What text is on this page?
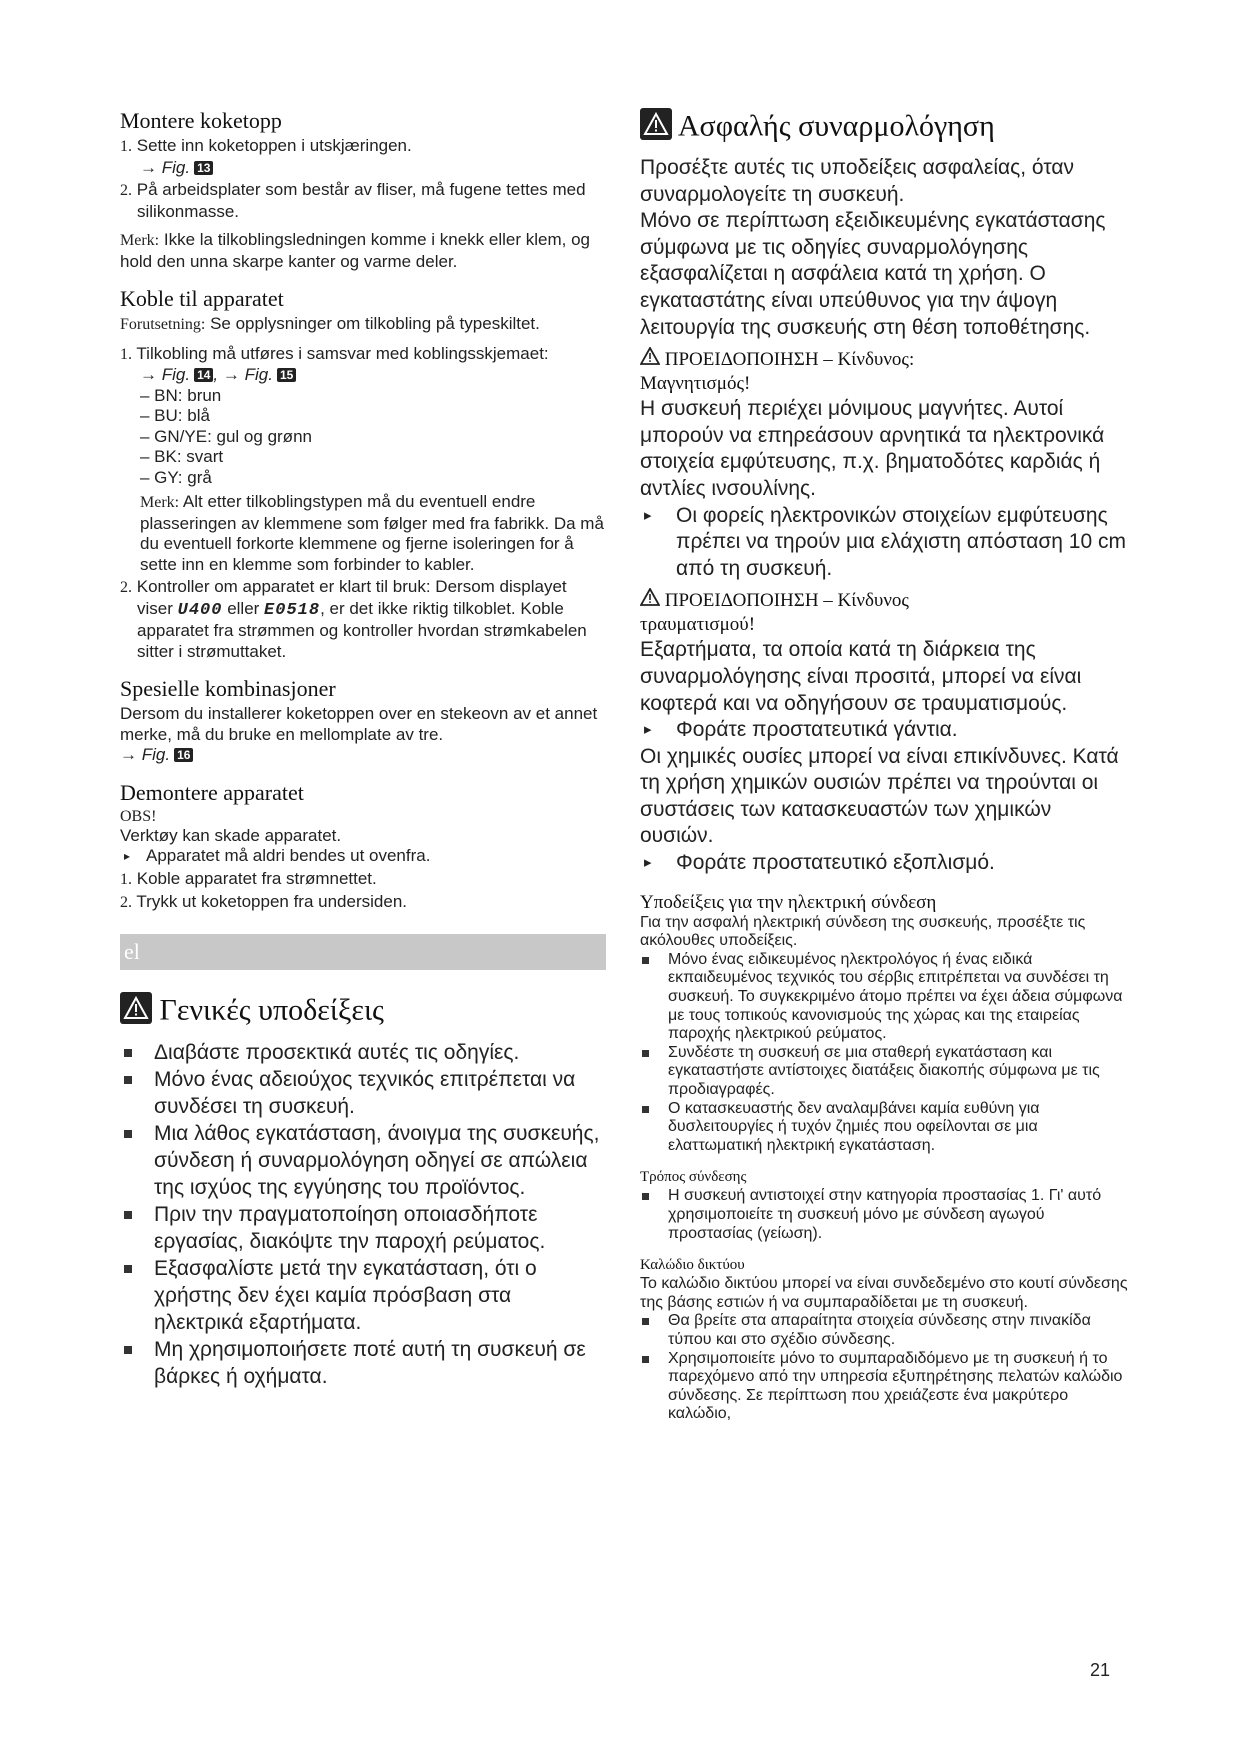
Montere koketopp
1. Sette inn koketoppen i utskjæringen.
→ Fig. 13
2. På arbeidsplater som består av fliser, må fugene tettes med silikonmasse.

Merk: Ikke la tilkoblingsledningen komme i knekk eller klem, og hold den unna skarpe kanter og varme deler.

Koble til apparatet

Forutsetning: Se opplysninger om tilkobling på typeskiltet.

1. Tilkobling må utføres i samsvar med koblingsskjemaet:
→ Fig. 14 , → Fig. 15
– BN: brun
– BU: blå
– GN/YE: gul og grønn
– BK: svart
– GY: grå

Merk: Alt etter tilkoblingstypen må du eventuell endre plasseringen av klemmene som følger med fra fabrikk. Da må du eventuell forkorte klemmene og fjerne isoleringen for å sette inn en klemme som forbinder to kabler.

2. Kontroller om apparatet er klart til bruk: Dersom displayet viser U400 eller E0518, er det ikke riktig tilkoblet. Koble apparatet fra strømmen og kontroller hvordan strømkabelen sitter i strømuttaket.
Spesielle kombinasjoner

Dersom du installerer koketoppen over en stekeovn av et annet merke, må du bruke en mellomplate av tre.

→ Fig. 16
Demontere apparatet
OBS!

Verktøy kan skade apparatet.

▸ Apparatet må aldri bendes ut ovenfra.
1. Koble apparatet fra strømnettet.
2. Trykk ut koketoppen fra undersiden.
el
Γενικές υποδείξεις
Διαβάστε προσεκτικά αυτές τις οδηγίες.
Μόνο ένας αδειούχος τεχνικός επιτρέπεται να συνδέσει τη συσκευή.
Μια λάθος εγκατάσταση, άνοιγμα της συσκευής, σύνδεση ή συναρμολόγηση οδηγεί σε απώλεια της ισχύος της εγγύησης του προϊόντος.
Πριν την πραγματοποίηση οποιασδήποτε εργασίας, διακόψτε την παροχή ρεύματος.
Εξασφαλίστε μετά την εγκατάσταση, ότι ο χρήστης δεν έχει καμία πρόσβαση στα ηλεκτρικά εξαρτήματα.
Μη χρησιμοποιήσετε ποτέ αυτή τη συσκευή σε βάρκες ή οχήματα.
Ασφαλής συναρμολόγηση

Προσέξτε αυτές τις υποδείξεις ασφαλείας, όταν συναρμολογείτε τη συσκευή.

Μόνο σε περίπτωση εξειδικευμένης εγκατάστασης σύμφωνα με τις οδηγίες συναρμολόγησης εξασφαλίζεται η ασφάλεια κατά τη χρήση. Ο εγκαταστάτης είναι υπεύθυνος για την άψογη λειτουργία της συσκευής στη θέση τοποθέτησης.

ΠΡΟΕΙΔΟΠΟΙΗΣΗ – Κίνδυνος:
Μαγνητισμός!

Η συσκευή περιέχει μόνιμους μαγνήτες. Αυτοί μπορούν να επηρεάσουν αρνητικά τα ηλεκτρονικά στοιχεία εμφύτευσης, π.χ. βηματοδότες καρδιάς ή αντλίες ινσουλίνης.

▸ Οι φορείς ηλεκτρονικών στοιχείων εμφύτευσης πρέπει να τηρούν μια ελάχιστη απόσταση 10 cm από τη συσκευή.
ΠΡΟΕΙΔΟΠΟΙΗΣΗ – Κίνδυνος
τραυματισμού!

Εξαρτήματα, τα οποία κατά τη διάρκεια της συναρμολόγησης είναι προσιτά, μπορεί να είναι κοφτερά και να οδηγήσουν σε τραυματισμούς.

▸ Φοράτε προστατευτικά γάντια.

Οι χημικές ουσίες μπορεί να είναι επικίνδυνες. Κατά τη χρήση χημικών ουσιών πρέπει να τηρούνται οι συστάσεις των κατασκευαστών των χημικών ουσιών.

▸ Φοράτε προστατευτικό εξοπλισμό.
Υποδείξεις για την ηλεκτρική σύνδεση

Για την ασφαλή ηλεκτρική σύνδεση της συσκευής, προσέξτε τις ακόλουθες υποδείξεις.

Μόνο ένας ειδικευμένος ηλεκτρολόγος ή ένας ειδικά εκπαιδευμένος τεχνικός του σέρβις επιτρέπεται να συνδέσει τη συσκευή. Το συγκεκριμένο άτομο πρέπει να έχει άδεια σύμφωνα με τους τοπικούς κανονισμούς της χώρας και της εταιρείας παροχής ηλεκτρικού ρεύματος.
Συνδέστε τη συσκευή σε μια σταθερή εγκατάσταση και εγκαταστήστε αντίστοιχες διατάξεις διακοπής σύμφωνα με τις προδιαγραφές.
Ο κατασκευαστής δεν αναλαμβάνει καμία ευθύνη για δυσλειτουργίες ή τυχόν ζημιές που οφείλονται σε μια ελαττωματική ηλεκτρική εγκατάσταση.
Τρόπος σύνδεσης
Η συσκευή αντιστοιχεί στην κατηγορία προστασίας 1. Γι' αυτό χρησιμοποιείτε τη συσκευή μόνο με σύνδεση αγωγού προστασίας (γείωση).
Καλώδιο δικτύου

Το καλώδιο δικτύου μπορεί να είναι συνδεδεμένο στο κουτί σύνδεσης της βάσης εστιών ή να συμπαραδίδεται με τη συσκευή.

Θα βρείτε στα απαραίτητα στοιχεία σύνδεσης στην πινακίδα τύπου και στο σχέδιο σύνδεσης.
Χρησιμοποιείτε μόνο το συμπαραδιδόμενο με τη συσκευή ή το παρεχόμενο από την υπηρεσία εξυπηρέτησης πελατών καλώδιο σύνδεσης. Σε περίπτωση που χρειάζεστε ένα μακρύτερο καλώδιο,
21
